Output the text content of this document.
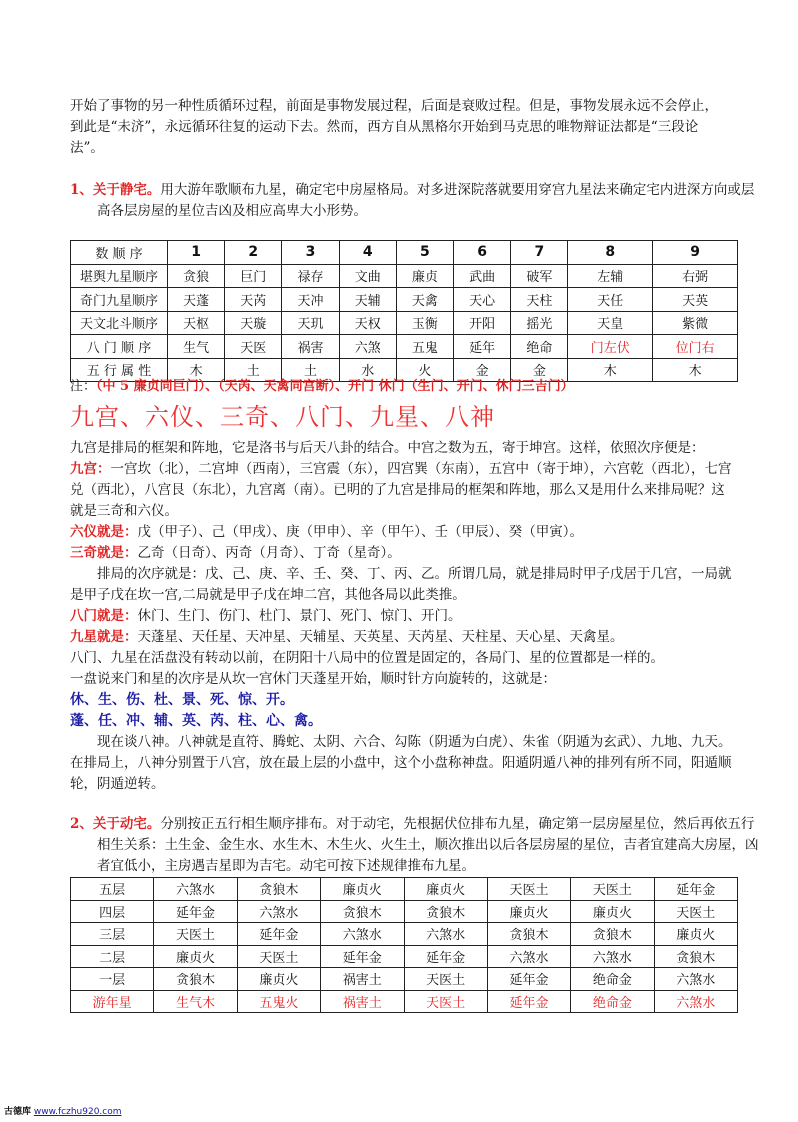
开始了事物的另一种性质循环过程，前面是事物发展过程，后面是衰败过程。但是，事物发展永远不会停止，
到此是“未济”，永远循环往复的运动下去。然而，西方自从黑格尔开始到马克思的唯物辩证法都是“三段论
法”。
1、关于静宅。用大游年歌顺布九星，确定宅中房屋格局。对多进深院落就要用穿宫九星法来确定宅内进深方向或层高各层房屋的星位吉凶及相应高卑大小形势。
数 顺 序	1	2	3	4	5	6	7	8	9
堪舆九星顺序	贪狼	巨门	禄存	文曲	廉贞	武曲	破军	左辅	右弼
奇门九星顺序	天蓬	天芮	天冲	天辅	天禽	天心	天柱	天任	天英
天文北斗顺序	天枢	天璇	天玑	天权	玉衡	开阳	摇光	天皇	紫微
八 门 顺 序	生气	天医	祸害	六煞	五鬼	延年	绝命	门左伏	位门右
五 行 属 性	木	土	土	水	火	金	金	木	木
注：（中 5 廉贞同巨门）、（天芮、天禽同宫断）、开门 休门（生门、开门、休门三吉门）
九宫、六仪、三奇、八门、九星、八神
九宫是排局的框架和阵地，它是洛书与后天八卦的结合。中宫之数为五，寄于坤宫。这样，依照次序便是：
九宫：一宫坎（北），二宫坤（西南），三宫震（东），四宫巽（东南），五宫中（寄于坤），六宫乾（西北），七宫兑（西北），八宫艮（东北），九宫离（南）。已明的了九宫是排局的框架和阵地，那么又是用什么来排局呢？这就是三奇和六仪。
六仪就是：戊（甲子）、己（甲戌）、庚（甲申）、辛（甲午）、壬（甲辰）、癸（甲寅）。
三奇就是：乙奇（日奇）、丙奇（月奇）、丁奇（星奇）。
排局的次序就是：戊、己、庚、辛、壬、癸、丁、丙、乙。所谓几局，就是排局时甲子戊居于几宫，一局就是甲子戊在坎一宫,二局就是甲子戊在坤二宫，其他各局以此类推。
八门就是：休门、生门、伤门、杜门、景门、死门、惊门、开门。
九星就是：天蓬星、天任星、天冲星、天辅星、天英星、天芮星、天柱星、天心星、天禽星。
八门、九星在活盘没有转动以前，在阴阳十八局中的位置是固定的，各局门、星的位置都是一样的。
一盘说来门和星的次序是从坎一宫休门天蓬星开始，顺时针方向旋转的，这就是：
休、生、伤、杜、景、死、惊、开。
蓬、任、冲、辅、英、芮、柱、心、禽。
现在谈八神。八神就是直符、腾蛇、太阴、六合、勾陈（阴遁为白虎）、朱雀（阴遁为玄武）、九地、九天。在排局上，八神分别置于八宫，放在最上层的小盘中，这个小盘称神盘。阳遁阴遁八神的排列有所不同，阳遁顺轮，阴遁逆转。
2、关于动宅。分别按正五行相生顺序排布。对于动宅，先根据伏位排布九星，确定第一层房屋星位，然后再依五行相生关系：土生金、金生水、水生木、木生火、火生土，顺次推出以后各层房屋的星位，吉者宜建高大房屋，凶者宜低小，主房遇吉星即为吉宅。动宅可按下述规律推布九星。
五层	六煞水	贪狼木	廉贞火	廉贞火	天医土	天医土	延年金
四层	延年金	六煞水	贪狼木	贪狼木	廉贞火	廉贞火	天医土
三层	天医土	延年金	六煞水	六煞水	贪狼木	贪狼木	廉贞火
二层	廉贞火	天医土	延年金	延年金	六煞水	六煞水	贪狼木
一层	贪狼木	廉贞火	祸害土	天医土	延年金	绝命金	六煞水
游年星	生气木	五鬼火	祸害土	天医土	延年金	绝命金	六煞水
古德库 www.fczhu920.com
